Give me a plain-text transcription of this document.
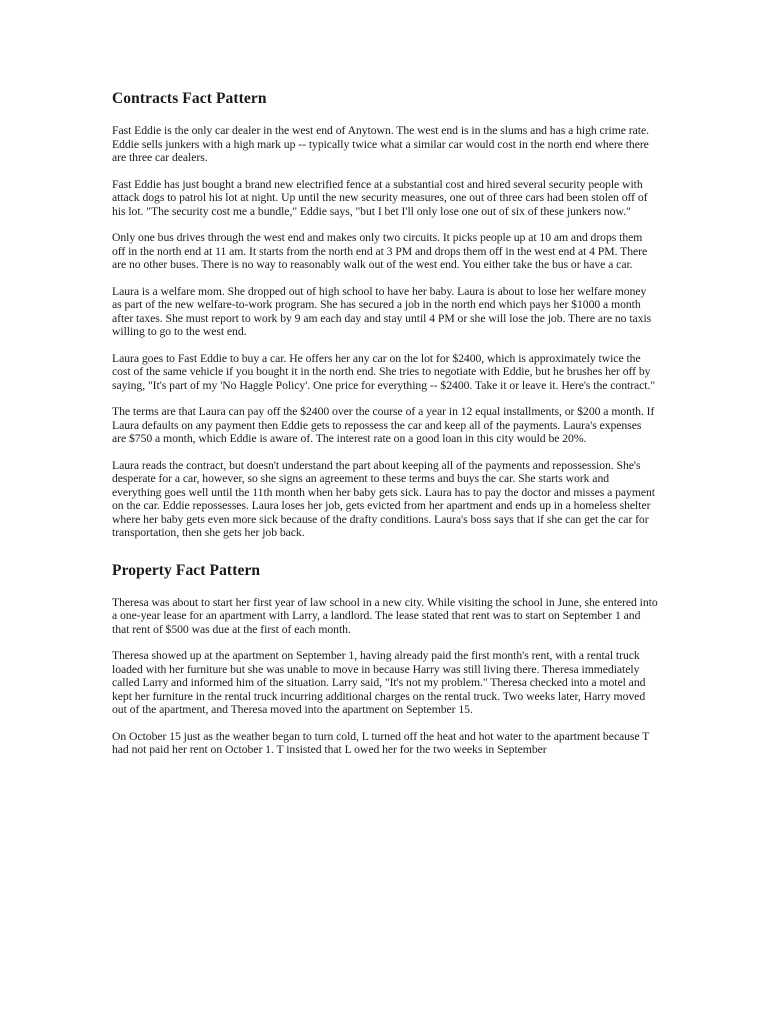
Contracts Fact Pattern

Fast Eddie is the only car dealer in the west end of Anytown. The west end is in the slums and has a high crime rate. Eddie sells junkers with a high mark up -- typically twice what a similar car would cost in the north end where there are three car dealers.

Fast Eddie has just bought a brand new electrified fence at a substantial cost and hired several security people with attack dogs to patrol his lot at night. Up until the new security measures, one out of three cars had been stolen off of his lot. "The security cost me a bundle," Eddie says, "but I bet I'll only lose one out of six of these junkers now."

Only one bus drives through the west end and makes only two circuits. It picks people up at 10 am and drops them off in the north end at 11 am. It starts from the north end at 3 PM and drops them off in the west end at 4 PM. There are no other buses. There is no way to reasonably walk out of the west end. You either take the bus or have a car.

Laura is a welfare mom. She dropped out of high school to have her baby. Laura is about to lose her welfare money as part of the new welfare-to-work program. She has secured a job in the north end which pays her $1000 a month after taxes. She must report to work by 9 am each day and stay until 4 PM or she will lose the job. There are no taxis willing to go to the west end.

Laura goes to Fast Eddie to buy a car. He offers her any car on the lot for $2400, which is approximately twice the cost of the same vehicle if you bought it in the north end. She tries to negotiate with Eddie, but he brushes her off by saying, "It's part of my 'No Haggle Policy'. One price for everything -- $2400. Take it or leave it. Here's the contract."

The terms are that Laura can pay off the $2400 over the course of a year in 12 equal installments, or $200 a month. If Laura defaults on any payment then Eddie gets to repossess the car and keep all of the payments. Laura's expenses are $750 a month, which Eddie is aware of. The interest rate on a good loan in this city would be 20%.

Laura reads the contract, but doesn't understand the part about keeping all of the payments and repossession. She's desperate for a car, however, so she signs an agreement to these terms and buys the car. She starts work and everything goes well until the 11th month when her baby gets sick. Laura has to pay the doctor and misses a payment on the car. Eddie repossesses. Laura loses her job, gets evicted from her apartment and ends up in a homeless shelter where her baby gets even more sick because of the drafty conditions. Laura's boss says that if she can get the car for transportation, then she gets her job back.

Property Fact Pattern

Theresa was about to start her first year of law school in a new city. While visiting the school in June, she entered into a one-year lease for an apartment with Larry, a landlord. The lease stated that rent was to start on September 1 and that rent of $500 was due at the first of each month.

Theresa showed up at the apartment on September 1, having already paid the first month's rent, with a rental truck loaded with her furniture but she was unable to move in because Harry was still living there. Theresa immediately called Larry and informed him of the situation. Larry said, "It's not my problem." Theresa checked into a motel and kept her furniture in the rental truck incurring additional charges on the rental truck. Two weeks later, Harry moved out of the apartment, and Theresa moved into the apartment on September 15.

On October 15 just as the weather began to turn cold, L turned off the heat and hot water to the apartment because T had not paid her rent on October 1. T insisted that L owed her for the two weeks in September
